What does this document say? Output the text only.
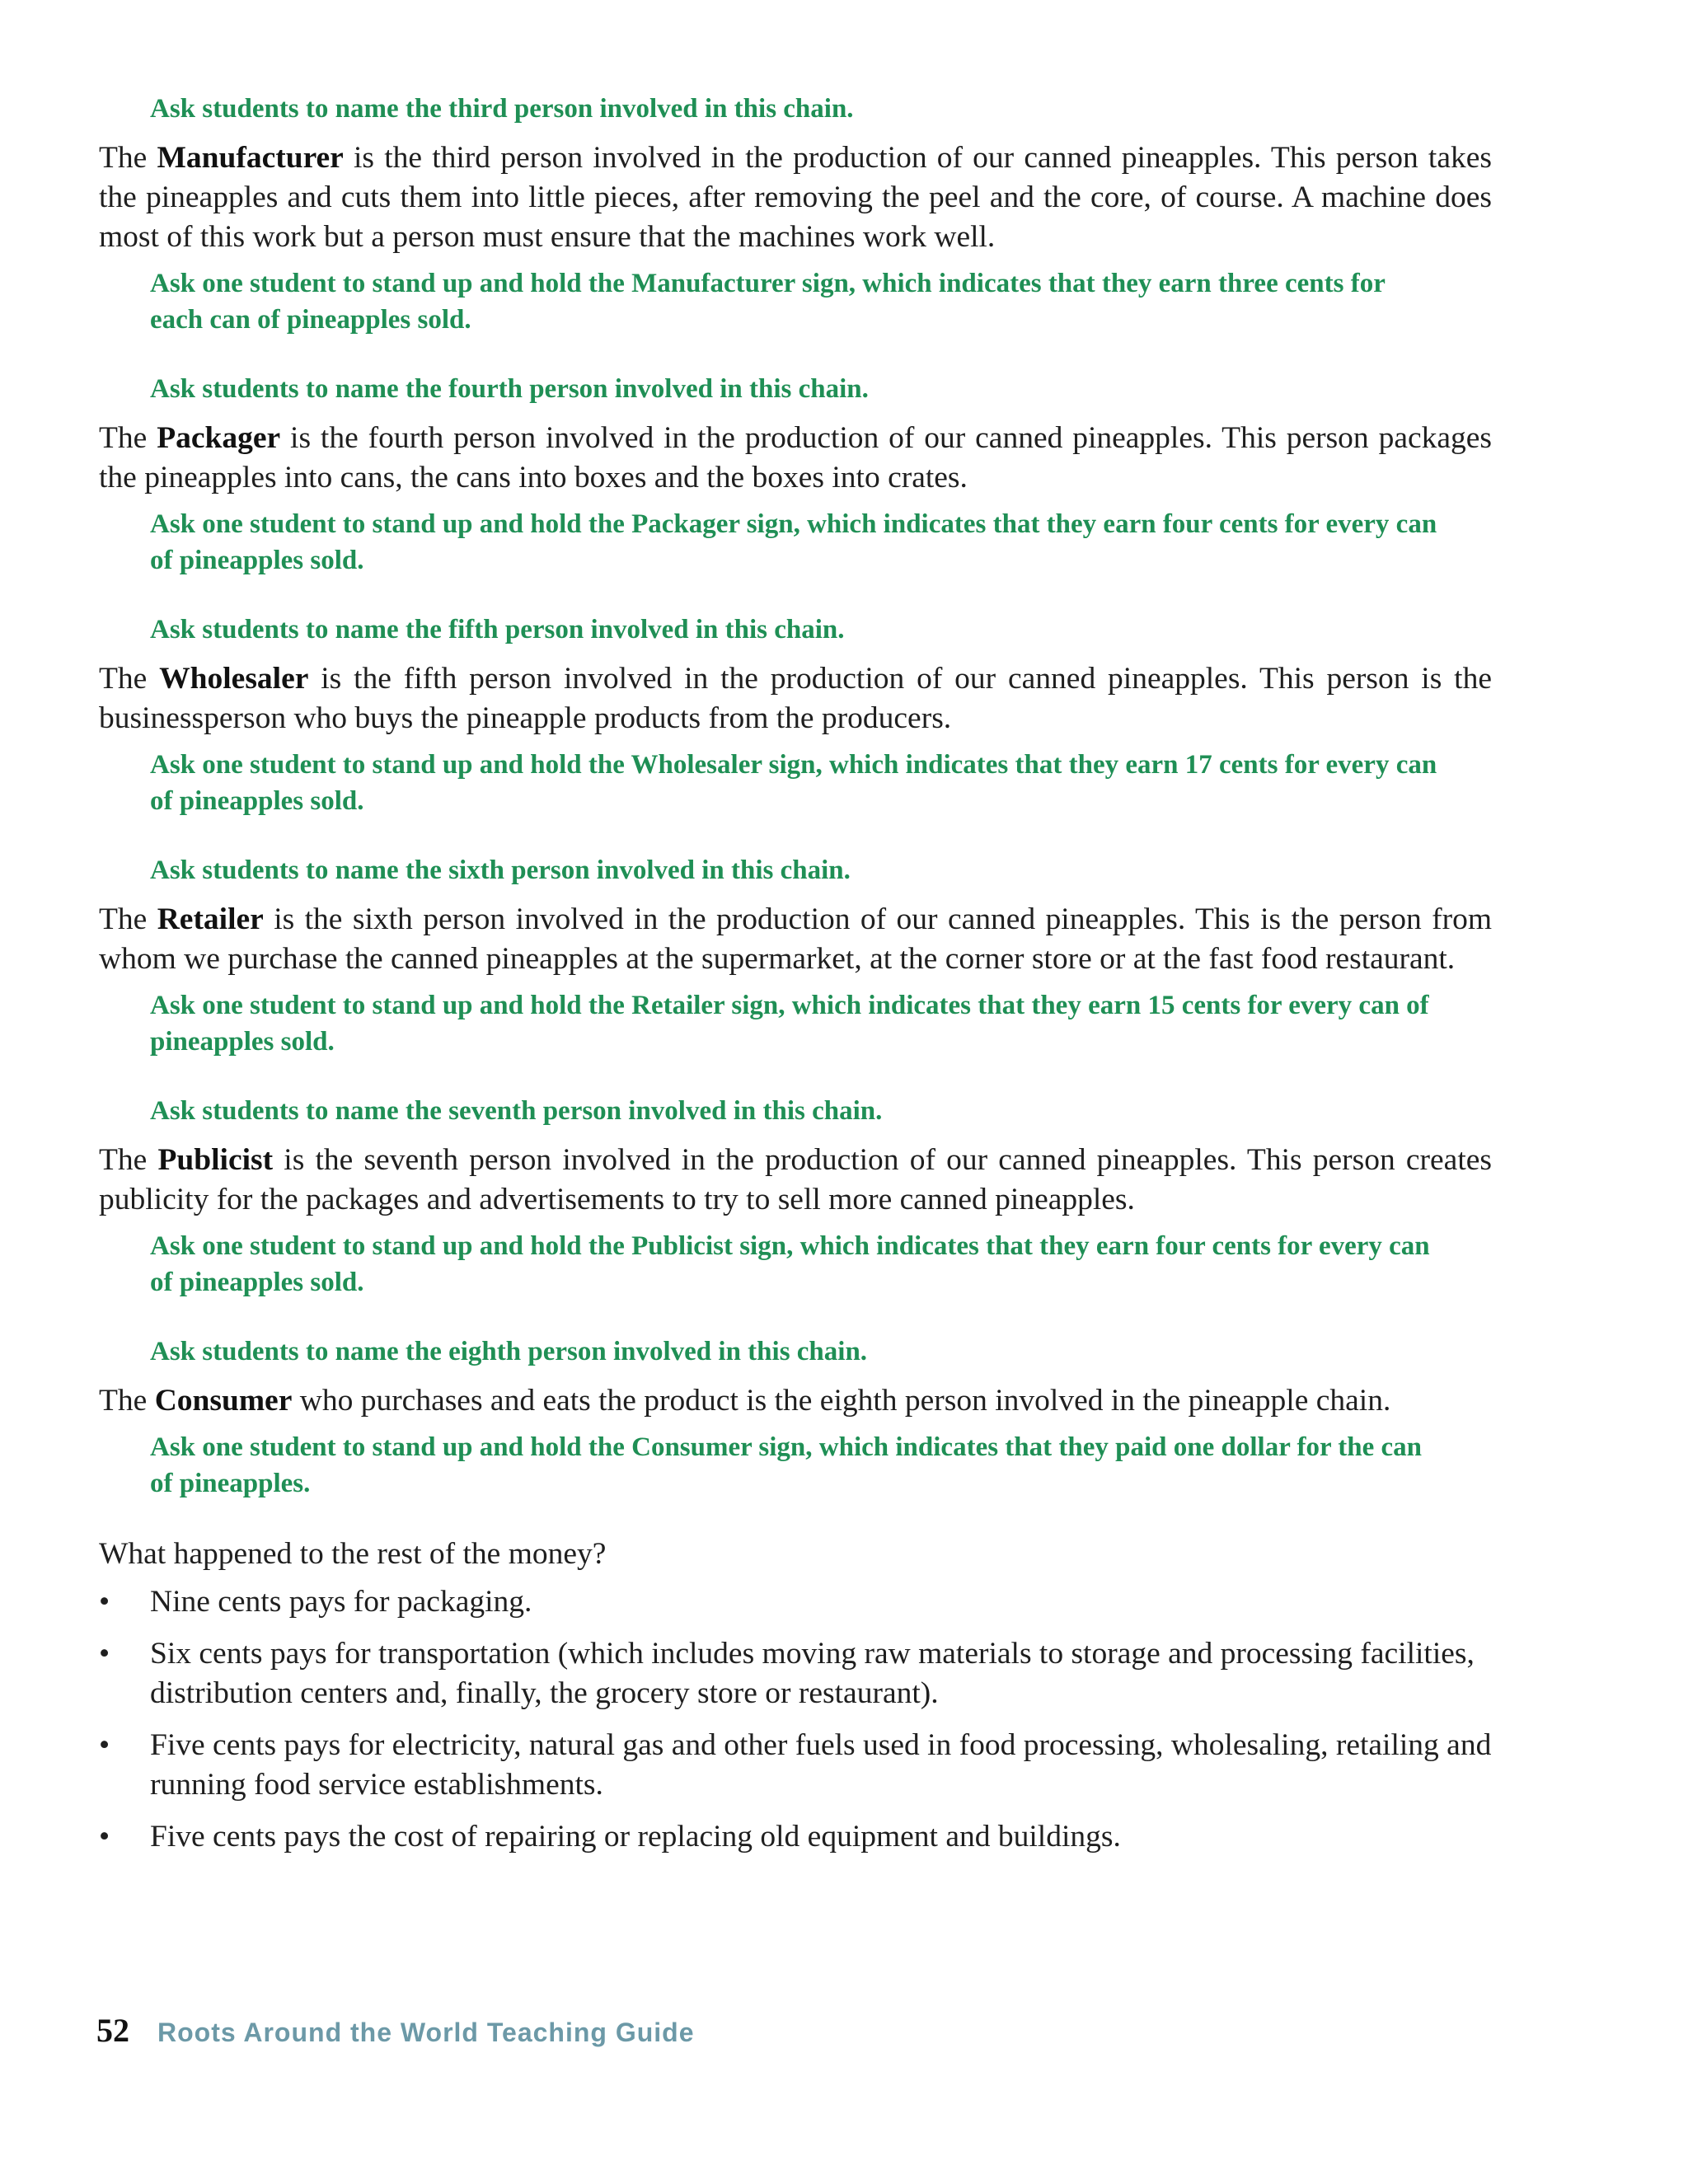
Ask students to name the third person involved in this chain.
The Manufacturer is the third person involved in the production of our canned pineapples. This person takes the pineapples and cuts them into little pieces, after removing the peel and the core, of course. A machine does most of this work but a person must ensure that the machines work well.
Ask one student to stand up and hold the Manufacturer sign, which indicates that they earn three cents for each can of pineapples sold.
Ask students to name the fourth person involved in this chain.
The Packager is the fourth person involved in the production of our canned pineapples. This person packages the pineapples into cans, the cans into boxes and the boxes into crates.
Ask one student to stand up and hold the Packager sign, which indicates that they earn four cents for every can of pineapples sold.
Ask students to name the fifth person involved in this chain.
The Wholesaler is the fifth person involved in the production of our canned pineapples. This person is the businessperson who buys the pineapple products from the producers.
Ask one student to stand up and hold the Wholesaler sign, which indicates that they earn 17 cents for every can of pineapples sold.
Ask students to name the sixth person involved in this chain.
The Retailer is the sixth person involved in the production of our canned pineapples. This is the person from whom we purchase the canned pineapples at the supermarket, at the corner store or at the fast food restaurant.
Ask one student to stand up and hold the Retailer sign, which indicates that they earn 15 cents for every can of pineapples sold.
Ask students to name the seventh person involved in this chain.
The Publicist is the seventh person involved in the production of our canned pineapples. This person creates publicity for the packages and advertisements to try to sell more canned pineapples.
Ask one student to stand up and hold the Publicist sign, which indicates that they earn four cents for every can of pineapples sold.
Ask students to name the eighth person involved in this chain.
The Consumer who purchases and eats the product is the eighth person involved in the pineapple chain.
Ask one student to stand up and hold the Consumer sign, which indicates that they paid one dollar for the can of pineapples.
What happened to the rest of the money?
• Nine cents pays for packaging.
• Six cents pays for transportation (which includes moving raw materials to storage and processing facilities, distribution centers and, finally, the grocery store or restaurant).
• Five cents pays for electricity, natural gas and other fuels used in food processing, wholesaling, retailing and running food service establishments.
• Five cents pays the cost of repairing or replacing old equipment and buildings.
52 Roots Around the World Teaching Guide
